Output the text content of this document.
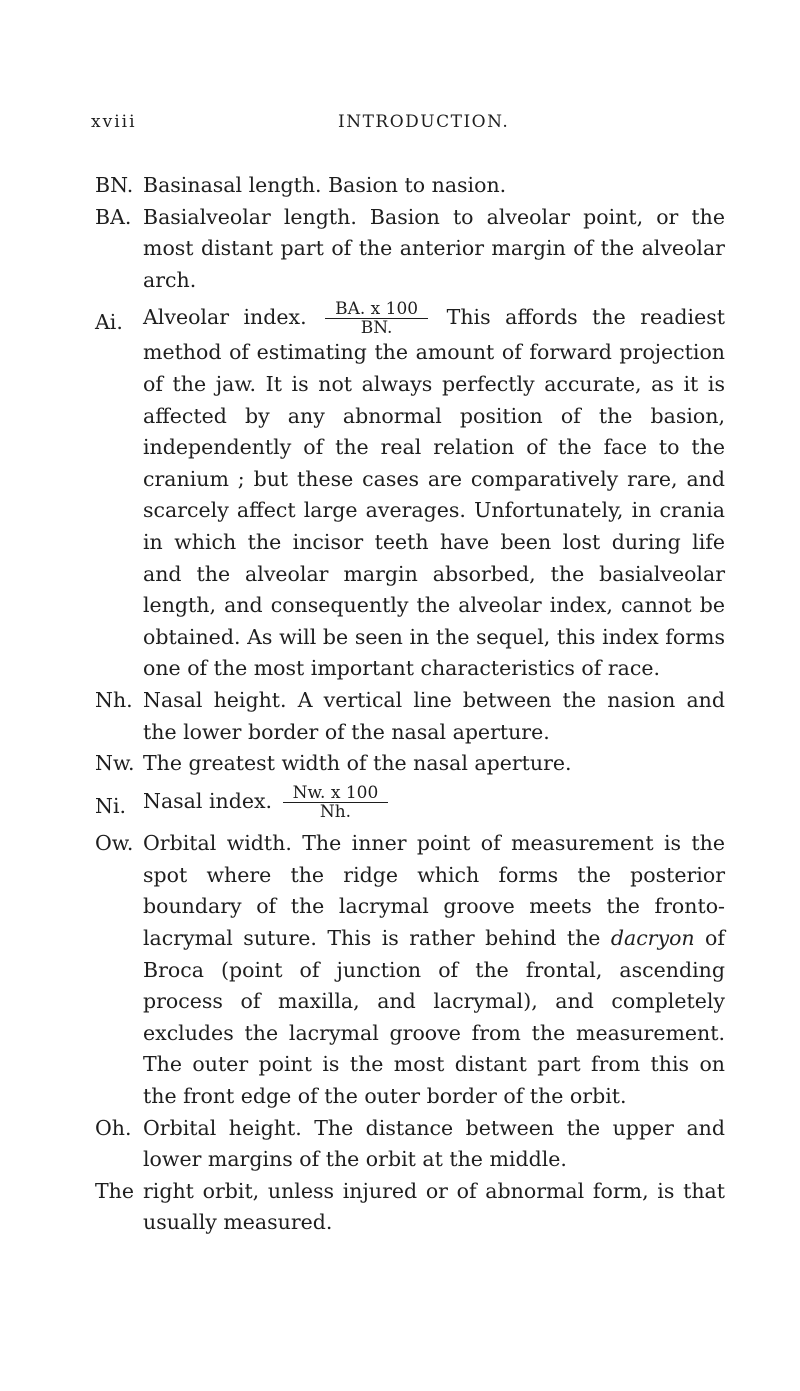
xviii	INTRODUCTION.
BN. Basinasal length. Basion to nasion.
BA. Basialveolar length. Basion to alveolar point, or the most distant part of the anterior margin of the alveolar arch.
Ai. Alveolar index. $\frac{BA. x 100}{BN.}$ This affords the readiest method of estimating the amount of forward projection of the jaw. It is not always perfectly accurate, as it is affected by any abnormal position of the basion, independently of the real relation of the face to the cranium ; but these cases are comparatively rare, and scarcely affect large averages. Unfortunately, in crania in which the incisor teeth have been lost during life and the alveolar margin absorbed, the basialveolar length, and consequently the alveolar index, cannot be obtained. As will be seen in the sequel, this index forms one of the most important characteristics of race.
Nh. Nasal height. A vertical line between the nasion and the lower border of the nasal aperture.
Nw. The greatest width of the nasal aperture.
Ni. Nasal index. $\frac{Nw. x 100}{Nh.}$
Ow. Orbital width. The inner point of measurement is the spot where the ridge which forms the posterior boundary of the lacrymal groove meets the fronto-lacrymal suture. This is rather behind the dacryon of Broca (point of junction of the frontal, ascending process of maxilla, and lacrymal), and completely excludes the lacrymal groove from the measurement. The outer point is the most distant part from this on the front edge of the outer border of the orbit.
Oh. Orbital height. The distance between the upper and lower margins of the orbit at the middle.

The right orbit, unless injured or of abnormal form, is that usually measured.
